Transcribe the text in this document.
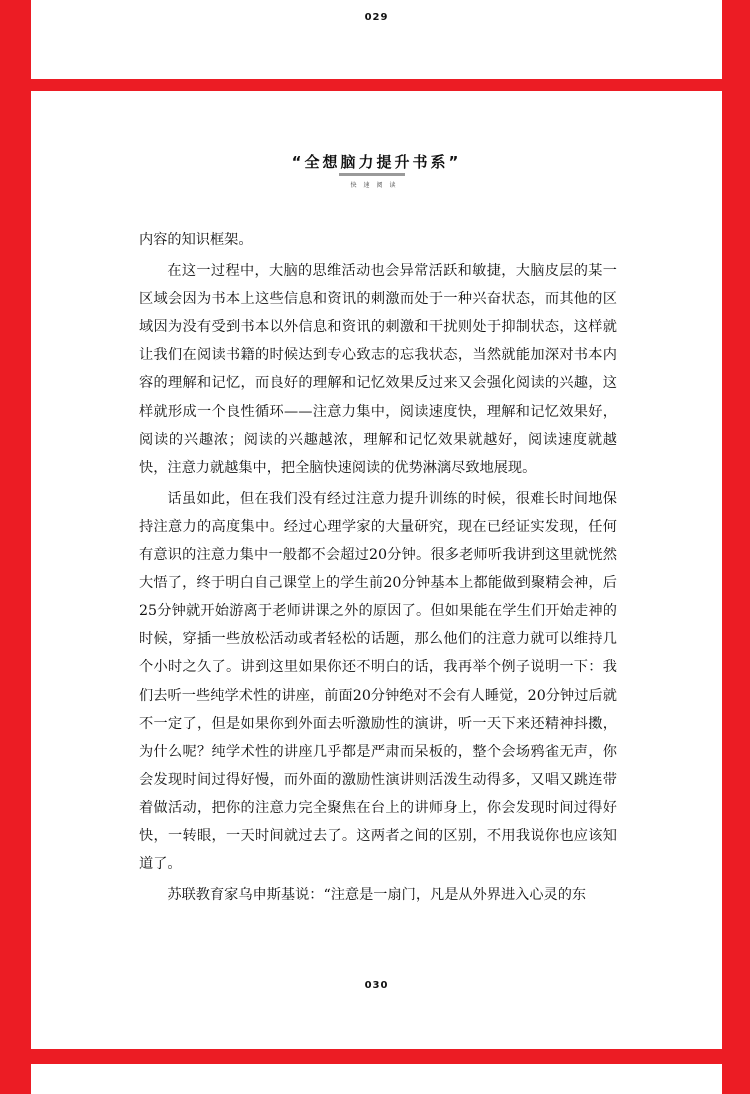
029
“全想脑力提升书系”
快速阅读

内容的知识框架。

在这一过程中，大脑的思维活动也会异常活跃和敏捷，大脑皮层的某一区域会因为书本上这些信息和资讯的刺激而处于一种兴奋状态，而其他的区域因为没有受到书本以外信息和资讯的刺激和干扰则处于抑制状态，这样就让我们在阅读书籍的时候达到专心致志的忘我状态，当然就能加深对书本内容的理解和记忆，而良好的理解和记忆效果反过来又会强化阅读的兴趣，这样就形成一个良性循环——注意力集中，阅读速度快，理解和记忆效果好，阅读的兴趣浓；阅读的兴趣越浓，理解和记忆效果就越好，阅读速度就越快，注意力就越集中，把全脑快速阅读的优势淋漓尽致地展现。

话虽如此，但在我们没有经过注意力提升训练的时候，很难长时间地保持注意力的高度集中。经过心理学家的大量研究，现在已经证实发现，任何有意识的注意力集中一般都不会超过20分钟。很多老师听我讲到这里就恍然大悟了，终于明白自己课堂上的学生前20分钟基本上都能做到聚精会神，后25分钟就开始游离于老师讲课之外的原因了。但如果能在学生们开始走神的时候，穿插一些放松活动或者轻松的话题，那么他们的注意力就可以维持几个小时之久了。讲到这里如果你还不明白的话，我再举个例子说明一下：我们去听一些纯学术性的讲座，前面20分钟绝对不会有人睡觉，20分钟过后就不一定了，但是如果你到外面去听激励性的演讲，听一天下来还精神抖擞，为什么呢？纯学术性的讲座几乎都是严肃而呆板的，整个会场鸦雀无声，你会发现时间过得好慢，而外面的激励性演讲则活泼生动得多，又唱又跳连带着做活动，把你的注意力完全聚焦在台上的讲师身上，你会发现时间过得好快，一转眼，一天时间就过去了。这两者之间的区别，不用我说你也应该知道了。

苏联教育家乌申斯基说：“注意是一扇门，凡是从外界进入心灵的东

030
